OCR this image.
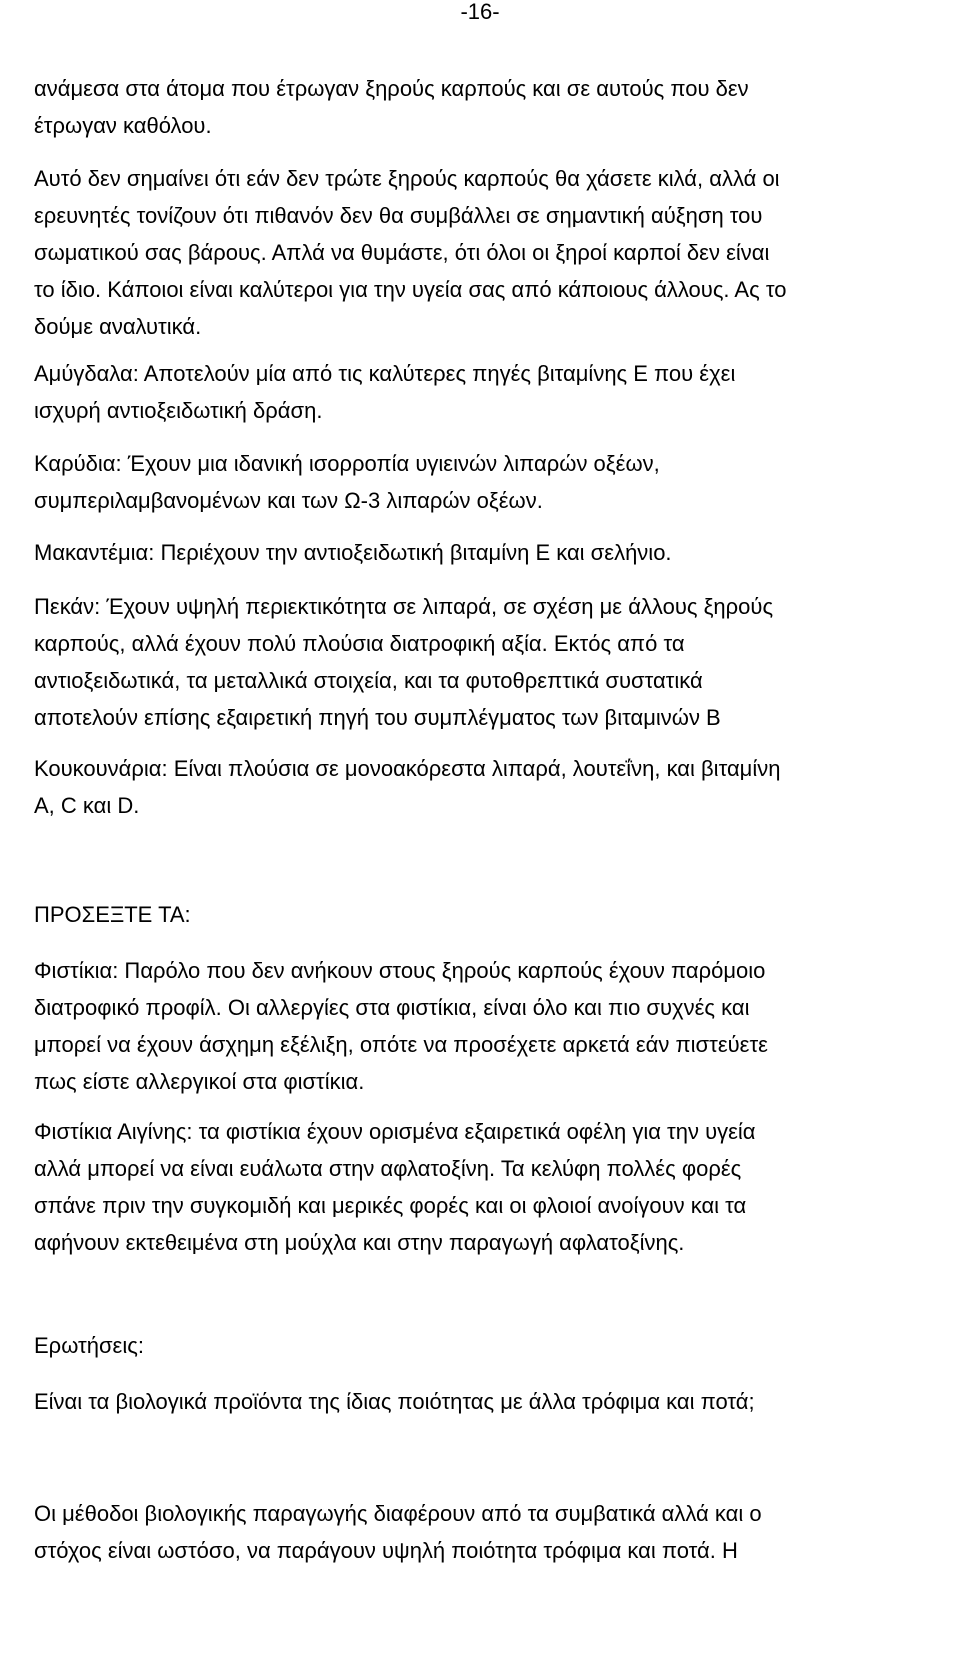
-16-

ανάμεσα στα άτομα που έτρωγαν ξηρούς καρπούς και σε αυτούς που δεν
έτρωγαν καθόλου.

Αυτό δεν σημαίνει ότι εάν δεν τρώτε ξηρούς καρπούς θα χάσετε κιλά, αλλά οι
ερευνητές τονίζουν ότι πιθανόν δεν θα συμβάλλει σε σημαντική αύξηση του
σωματικού σας βάρους. Απλά να θυμάστε, ότι όλοι οι ξηροί καρποί δεν είναι
το ίδιο. Κάποιοι είναι καλύτεροι για την υγεία σας από κάποιους άλλους. Ας το
δούμε αναλυτικά.

Αμύγδαλα: Αποτελούν μία από τις καλύτερες πηγές βιταμίνης Ε που έχει
ισχυρή αντιοξειδωτική δράση.

Καρύδια: Έχουν μια ιδανική ισορροπία υγιεινών λιπαρών οξέων,
συμπεριλαμβανομένων και των Ω-3 λιπαρών οξέων.

Μακαντέμια: Περιέχουν την αντιοξειδωτική βιταμίνη Ε και σελήνιο.

Πεκάν: Έχουν υψηλή περιεκτικότητα σε λιπαρά, σε σχέση με άλλους ξηρούς
καρπούς, αλλά έχουν πολύ πλούσια διατροφική αξία. Εκτός από τα
αντιοξειδωτικά, τα μεταλλικά στοιχεία, και τα φυτοθρεπτικά συστατικά
αποτελούν επίσης εξαιρετική πηγή του συμπλέγματος των βιταμινών Β

Κουκουνάρια: Είναι πλούσια σε μονοακόρεστα λιπαρά, λουτεΐνη, και βιταμίνη
Α, C και D.

ΠΡΟΣΕΞΤΕ ΤΑ:

Φιστίκια: Παρόλο που δεν ανήκουν στους ξηρούς καρπούς έχουν παρόμοιο
διατροφικό προφίλ. Οι αλλεργίες στα φιστίκια, είναι όλο και πιο συχνές και
μπορεί να έχουν άσχημη εξέλιξη, οπότε να προσέχετε αρκετά εάν πιστεύετε
πως είστε αλλεργικοί στα φιστίκια.

Φιστίκια Αιγίνης: τα φιστίκια έχουν ορισμένα εξαιρετικά οφέλη για την υγεία
αλλά μπορεί να είναι ευάλωτα στην αφλατοξίνη. Τα κελύφη πολλές φορές
σπάνε πριν την συγκομιδή και μερικές φορές και οι φλοιοί ανοίγουν και τα
αφήνουν εκτεθειμένα στη μούχλα και στην παραγωγή αφλατοξίνης.

Ερωτήσεις:

Είναι τα βιολογικά προϊόντα της ίδιας ποιότητας με άλλα τρόφιμα και ποτά;

Οι μέθοδοι βιολογικής παραγωγής διαφέρουν από τα συμβατικά αλλά και ο
στόχος είναι ωστόσο, να παράγουν υψηλή ποιότητα τρόφιμα και ποτά. Η
